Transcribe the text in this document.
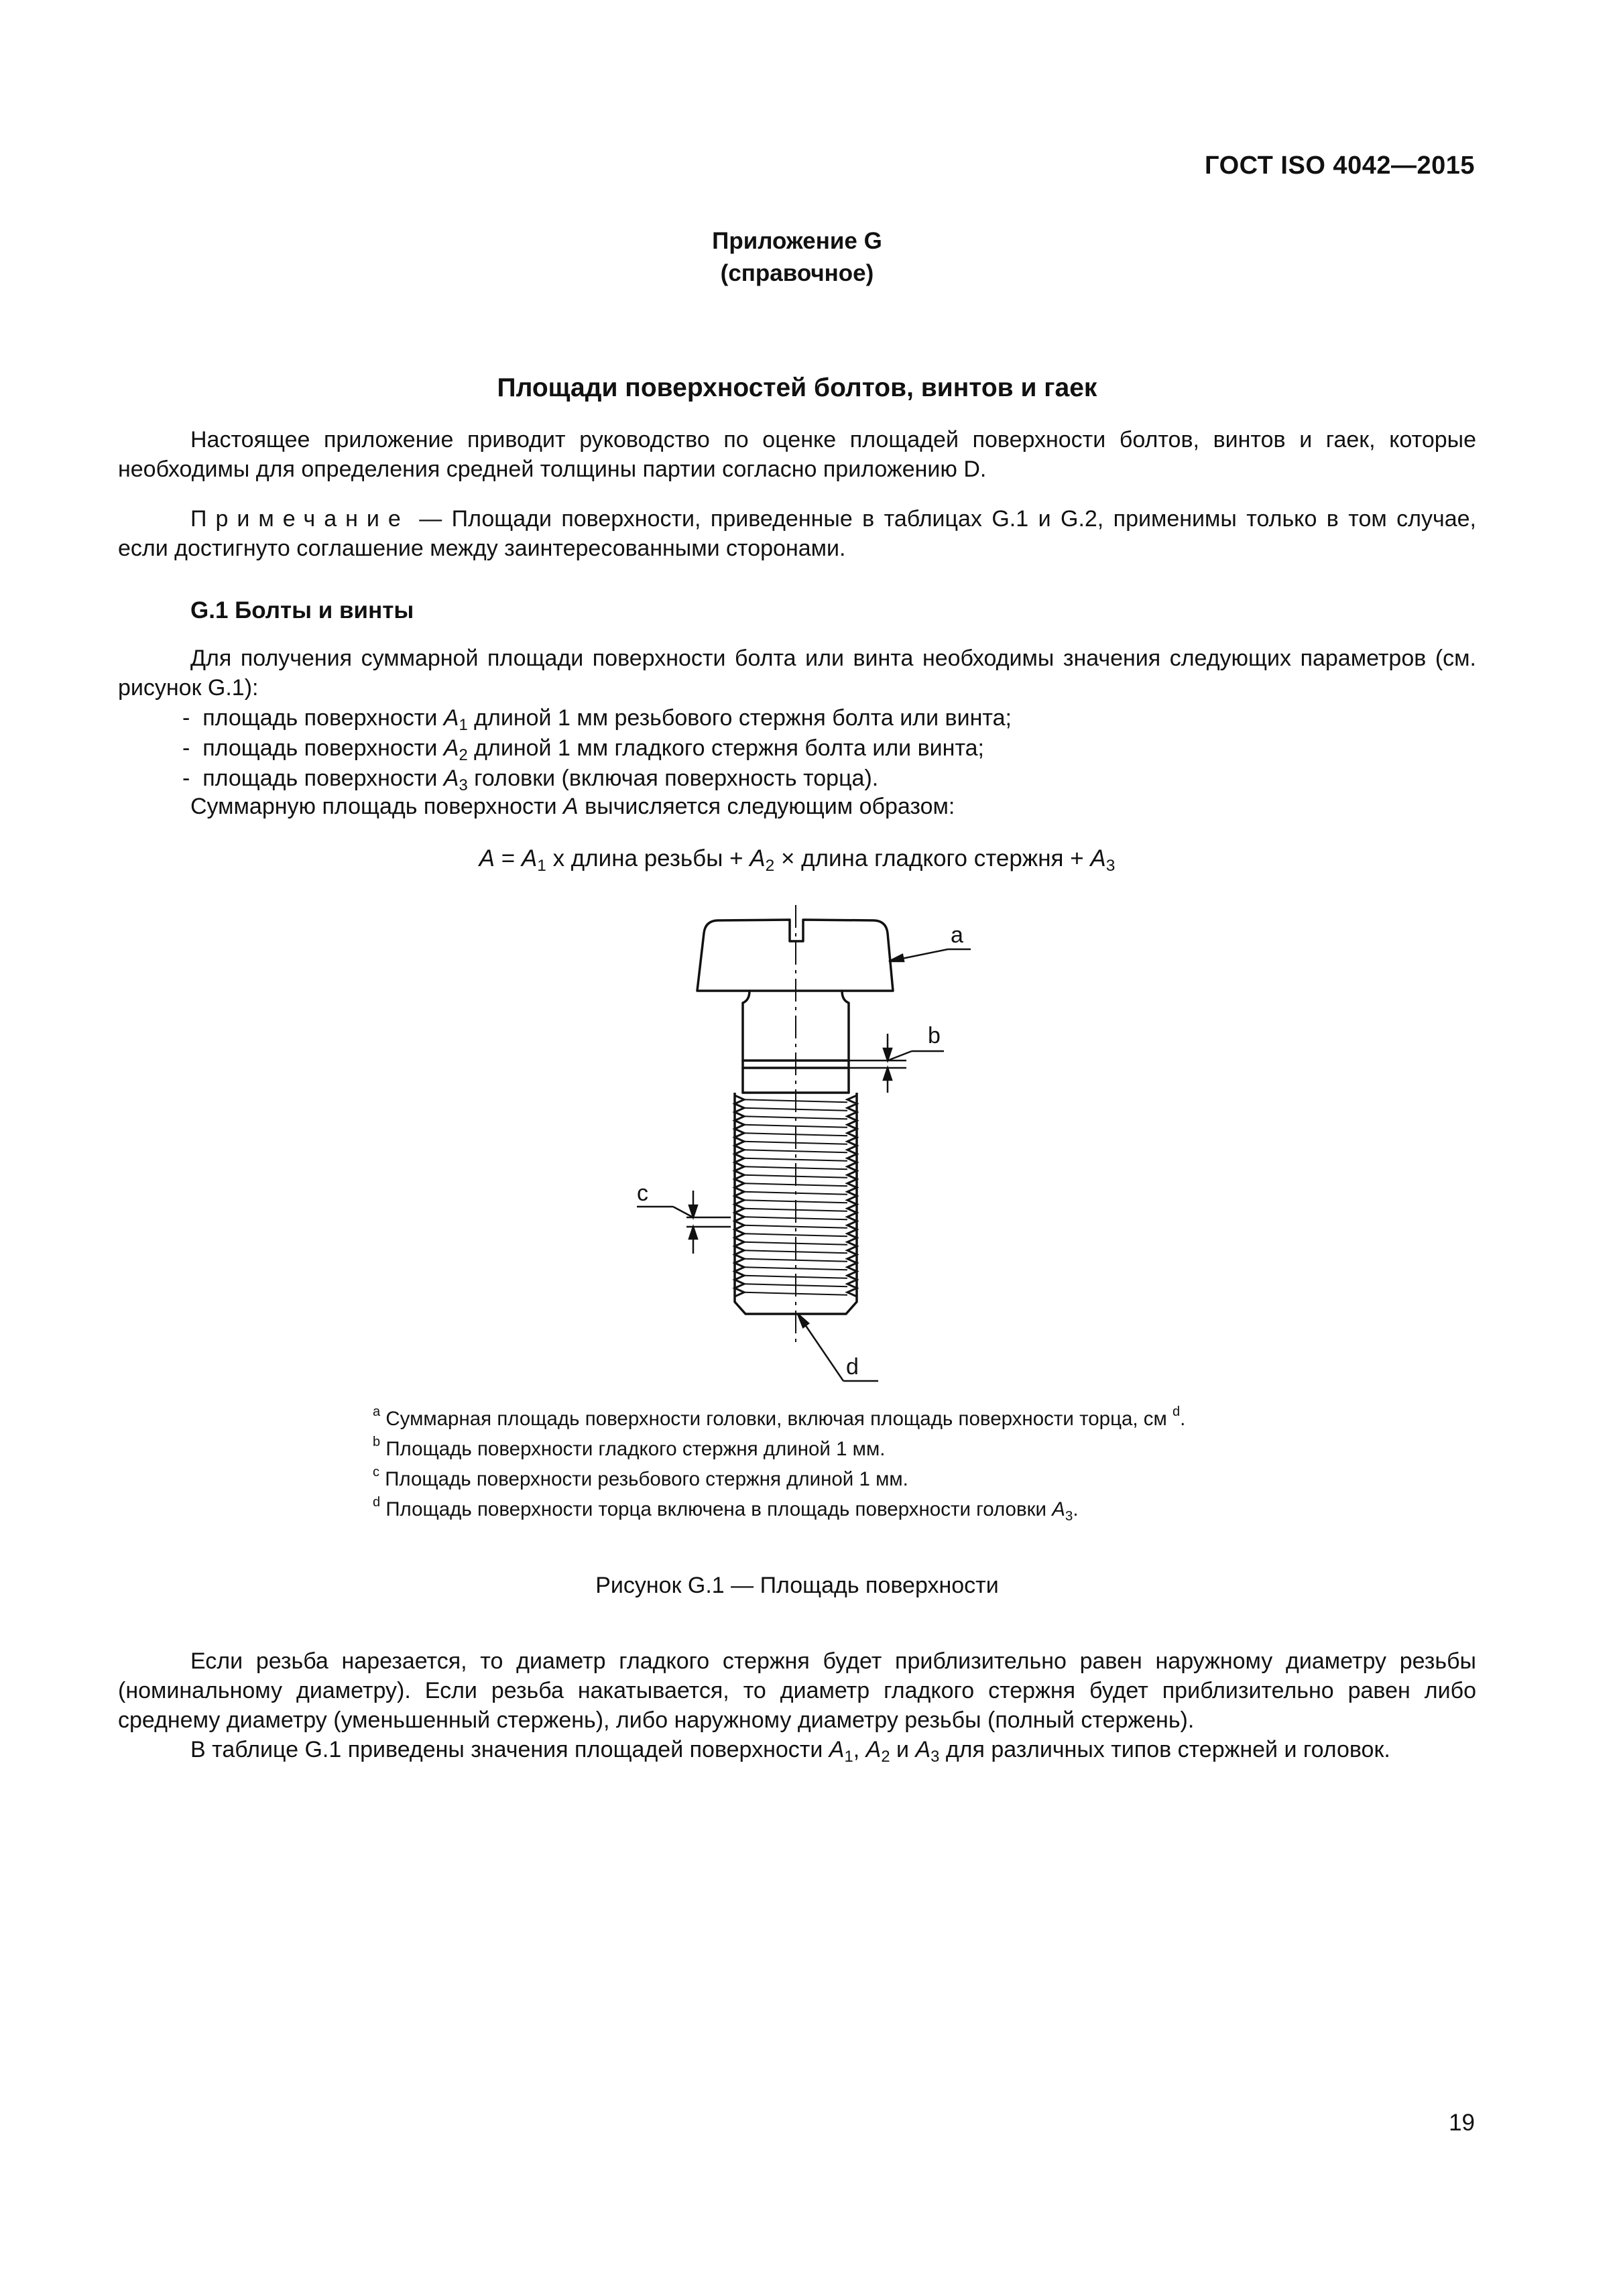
ГОСТ ISO 4042—2015
Приложение G
(справочное)
Площади поверхностей болтов, винтов и гаек
Настоящее приложение приводит руководство по оценке площадей поверхности болтов, винтов и гаек, которые необходимы для определения средней толщины партии согласно приложению D.
Примечание — Площади поверхности, приведенные в таблицах G.1 и G.2, применимы только в том случае, если достигнуто соглашение между заинтересованными сторонами.
G.1 Болты и винты
Для получения суммарной площади поверхности болта или винта необходимы значения следующих параметров (см. рисунок G.1):
- площадь поверхности $A_1$ длиной 1 мм резьбового стержня болта или винта;
- площадь поверхности $A_2$ длиной 1 мм гладкого стержня болта или винта;
- площадь поверхности $A_3$ головки (включая поверхность торца).
Суммарную площадь поверхности A вычисляется следующим образом:
$A = A_1$ x длина резьбы + $A_2$ × длина гладкого стержня + $A_3$
a
b
c
d
$^a$ Суммарная площадь поверхности головки, включая площадь поверхности торца, см $^d$.
$^b$ Площадь поверхности гладкого стержня длиной 1 мм.
$^c$ Площадь поверхности резьбового стержня длиной 1 мм.
$^d$ Площадь поверхности торца включена в площадь поверхности головки $A_3$.
Рисунок G.1 — Площадь поверхности
Если резьба нарезается, то диаметр гладкого стержня будет приблизительно равен наружному диаметру резьбы (номинальному диаметру). Если резьба накатывается, то диаметр гладкого стержня будет приблизительно равен либо среднему диаметру (уменьшенный стержень), либо наружному диаметру резьбы (полный стержень).
В таблице G.1 приведены значения площадей поверхности $A_1$, $A_2$ и $A_3$ для различных типов стержней и головок.
19
